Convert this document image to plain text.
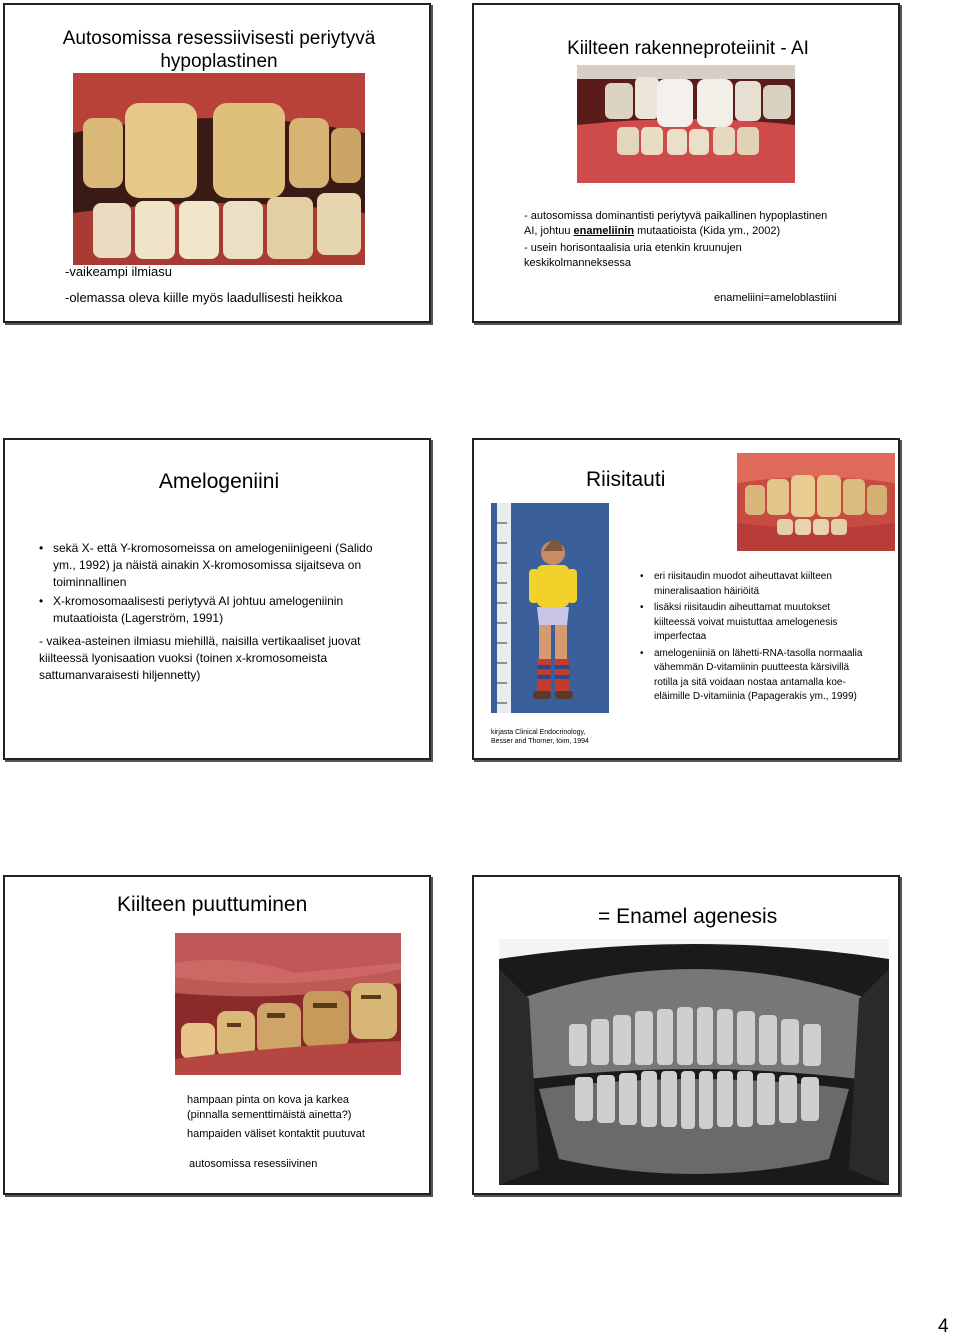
Autosomissa resessiivisesti periytyvä hypoplastinen
-vaikeampi ilmiasu
-olemassa oleva kiille myös laadullisesti heikkoa
Kiilteen rakenneproteiinit - AI
- autosomissa dominantisti periytyvä paikallinen hypoplastinen
AI, johtuu enameliinin mutaatioista (Kida ym., 2002)
- usein horisontaalisia uria etenkin kruunujen
keskikolmanneksessa
enameliini=ameloblastiini
Amelogeniini
• sekä X- että Y-kromosomeissa on amelogeniinigeeni (Salido
ym., 1992) ja näistä ainakin X-kromosomissa sijaitseva on
toiminnallinen
• X-kromosomaalisesti periytyvä AI johtuu amelogeniinin
mutaatioista (Lagerström, 1991)
- vaikea-asteinen ilmiasu miehillä, naisilla vertikaaliset juovat
kiilteessä lyonisaation vuoksi (toinen x-kromosomeista
sattumanvaraisesti hiljennetty)
Riisitauti
kirjasta Clinical Endocrinology,
Besser and Thorner, toim, 1994
• eri riisitaudin muodot aiheuttavat kiilteen
mineralisaation häiriöitä
• lisäksi riisitaudin aiheuttamat muutokset
kiilteessä voivat muistuttaa amelogenesis
imperfectaa
• amelogeniiniä on lähetti-RNA-tasolla normaalia
vähemmän D-vitamiinin puutteesta kärsivillä
rotilla ja sitä voidaan nostaa antamalla koe-
eläimille D-vitamiinia (Papagerakis ym., 1999)
Kiilteen puuttuminen
hampaan pinta on kova ja karkea
(pinnalla sementtimäistä ainetta?)
hampaiden väliset kontaktit puutuvat
autosomissa resessiivinen
= Enamel agenesis
4
